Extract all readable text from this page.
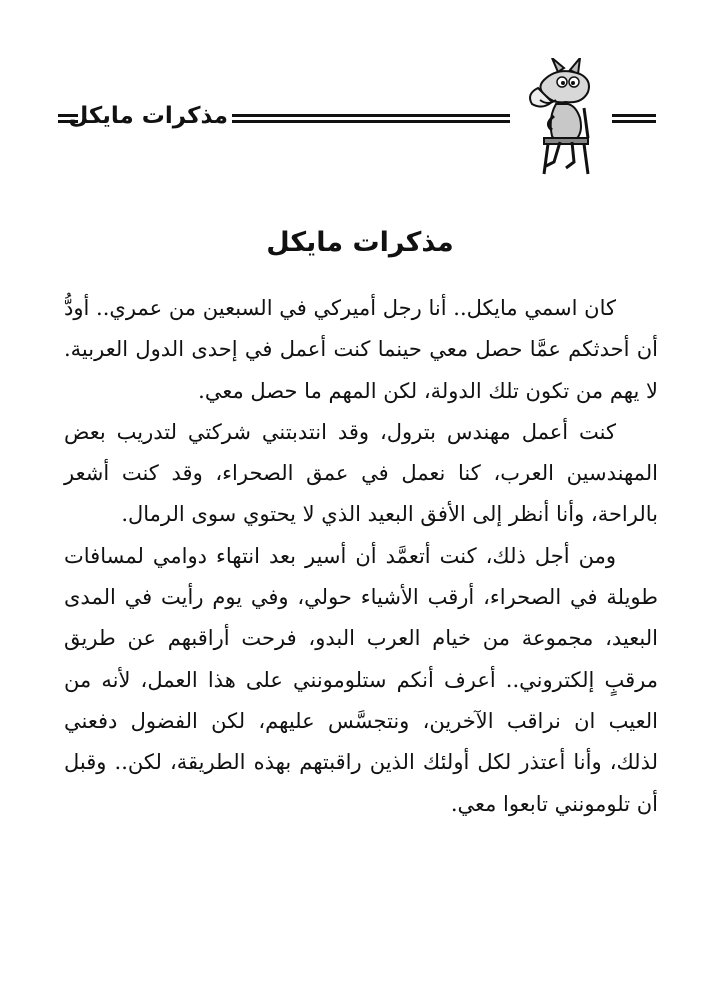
مذكرات مايكل
مذكرات مايكل

كان اسمي مايكل.. أنا رجل أميركي في السبعين من عمري.. أودُّ أن أحدثكم عمَّا حصل معي حينما كنت أعمل في إحدى الدول العربية. لا يهم من تكون تلك الدولة، لكن المهم ما حصل معي.

كنت أعمل مهندس بترول، وقد انتدبتني شركتي لتدريب بعض المهندسين العرب، كنا نعمل في عمق الصحراء، وقد كنت أشعر بالراحة، وأنا أنظر إلى الأفق البعيد الذي لا يحتوي سوى الرمال.

ومن أجل ذلك، كنت أتعمَّد أن أسير بعد انتهاء دوامي لمسافات طويلة في الصحراء، أرقب الأشياء حولي، وفي يوم رأيت في المدى البعيد، مجموعة من خيام العرب البدو، فرحت أراقبهم عن طريق مرقبٍ إلكتروني.. أعرف أنكم ستلومونني على هذا العمل، لأنه من العيب ان نراقب الآخرين، ونتجسَّس عليهم، لكن الفضول دفعني لذلك، وأنا أعتذر لكل أولئك الذين راقبتهم بهذه الطريقة، لكن.. وقبل أن تلومونني تابعوا معي.
